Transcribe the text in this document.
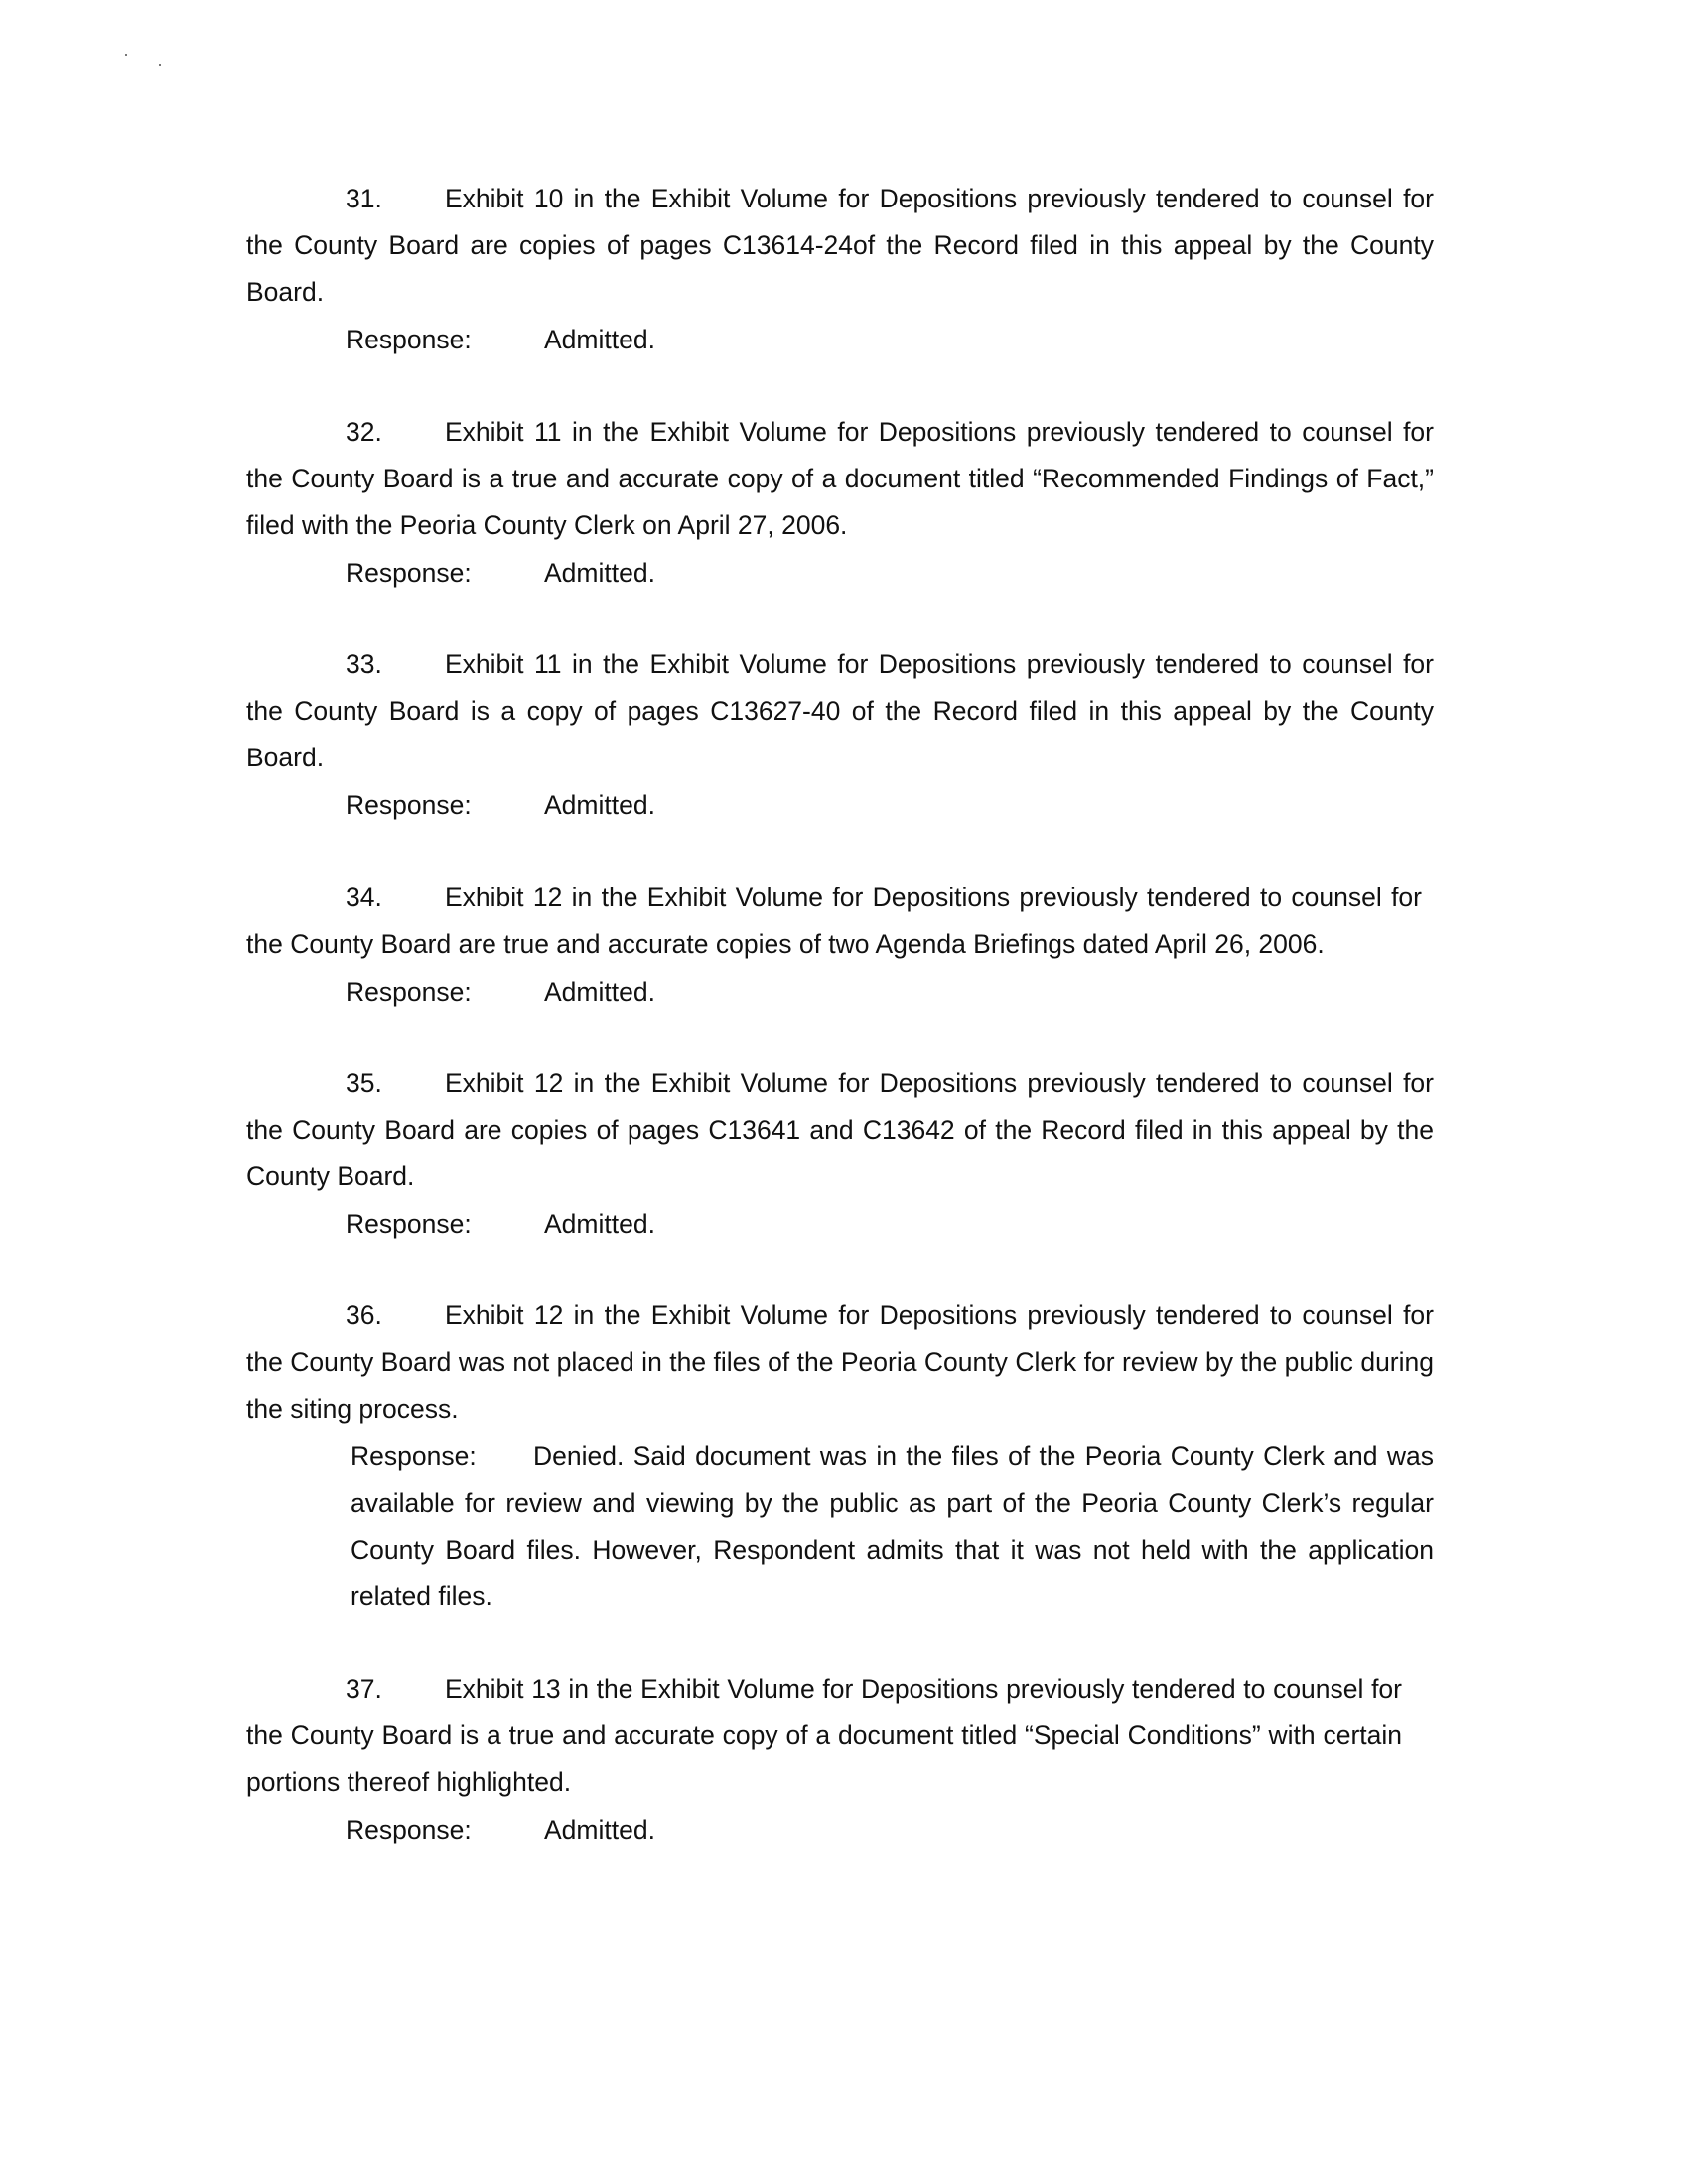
31. Exhibit 10 in the Exhibit Volume for Depositions previously tendered to counsel for the County Board are copies of pages C13614-24of the Record filed in this appeal by the County Board.

Response:	Admitted.

32. Exhibit 11 in the Exhibit Volume for Depositions previously tendered to counsel for the County Board is a true and accurate copy of a document titled “Recommended Findings of Fact,” filed with the Peoria County Clerk on April 27, 2006.

Response:	Admitted.

33. Exhibit 11 in the Exhibit Volume for Depositions previously tendered to counsel for the County Board is a copy of pages C13627-40 of the Record filed in this appeal by the County Board.

Response:	Admitted.

34. Exhibit 12 in the Exhibit Volume for Depositions previously tendered to counsel for the County Board are true and accurate copies of two Agenda Briefings dated April 26, 2006.

Response:	Admitted.

35. Exhibit 12 in the Exhibit Volume for Depositions previously tendered to counsel for the County Board are copies of pages C13641 and C13642 of the Record filed in this appeal by the County Board.

Response:	Admitted.

36. Exhibit 12 in the Exhibit Volume for Depositions previously tendered to counsel for the County Board was not placed in the files of the Peoria County Clerk for review by the public during the siting process.

Response: Denied. Said document was in the files of the Peoria County Clerk and was available for review and viewing by the public as part of the Peoria County Clerk’s regular County Board files. However, Respondent admits that it was not held with the application related files.

37. Exhibit 13 in the Exhibit Volume for Depositions previously tendered to counsel for the County Board is a true and accurate copy of a document titled “Special Conditions” with certain portions thereof highlighted.

Response:	Admitted.
